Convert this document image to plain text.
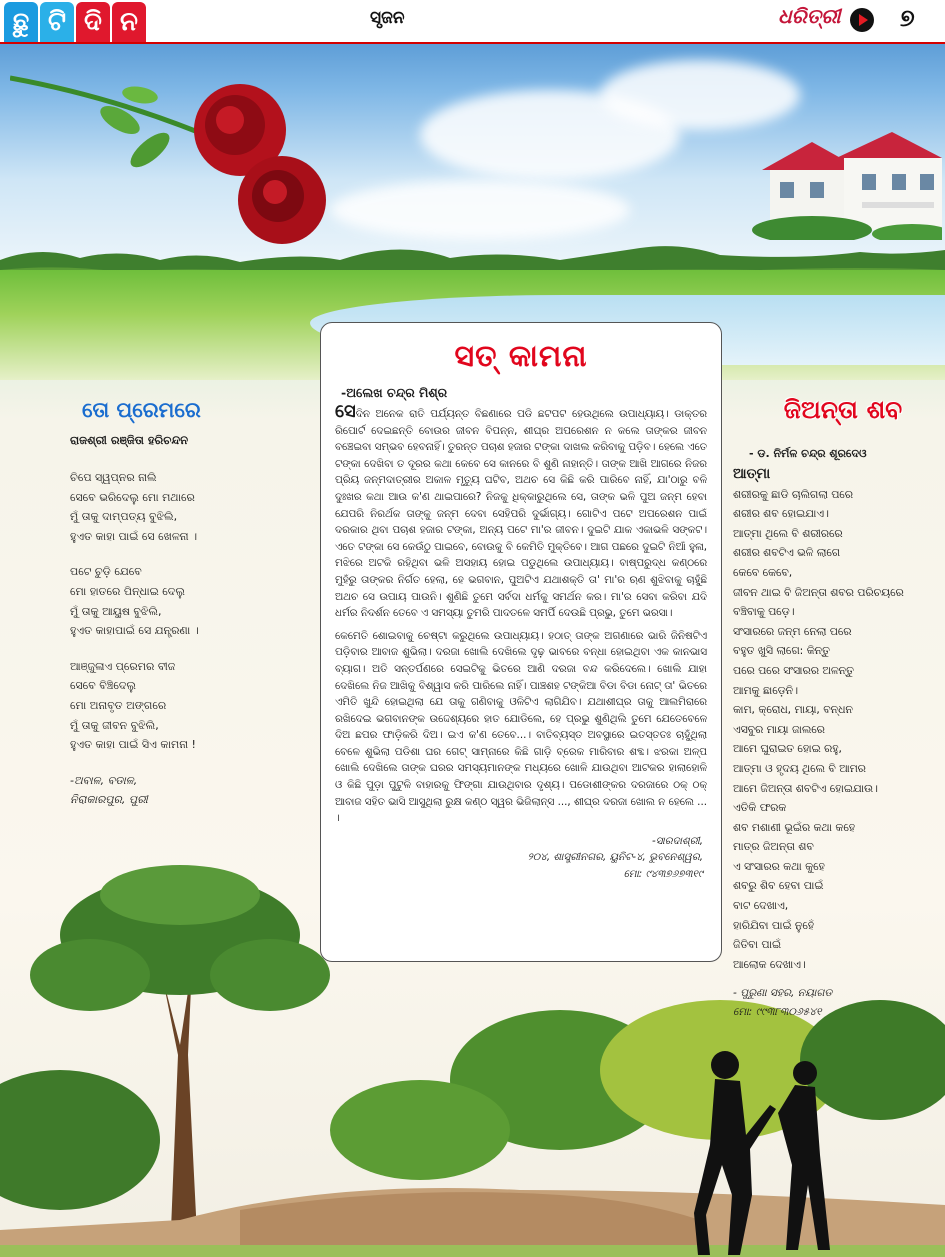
ଛୁ ଟି ଦି ନ	ସୃଜନ	ଧରିତ୍ରୀ ୭
ତୋ ପ୍ରେମରେ
ରାଜଶ୍ରୀ ରଞ୍ଜିତା ହରିଚନ୍ଦନ
ଚିପେ ସ୍ୱପ୍ନର ନାଲି
ସେବେ ଭରିଦେଲୁ ମୋ ମଥାରେ
ମୁଁ ତାକୁ ଦାମ୍ପତ୍ୟ ବୁଝିଲି,
ହୁଏତ କାହା ପାଇଁ ସେ ଖେଳନା ।
ପଟେ ଚୁଡ଼ି ଯେବେ
ମୋ ହାତରେ ପିନ୍ଧାଇ ଦେଲୁ
ମୁଁ ତାକୁ ଆୟୁଷ ବୁଝିଲି,
ହୁଏତ କାହାପାଇଁ ସେ ଯନ୍ତ୍ରଣା ।
ଆଞ୍ଜୁଳାଏ ପ୍ରେମର ବୀଜ
ସେବେ ବିଞ୍ଚିଦେଲୁ
ମୋ ଅନାବୃତ ଅଙ୍ଗରେ
ମୁଁ ତାକୁ ଜୀବନ ବୁଝିଲି,
ହୁଏତ କାହା ପାଇଁ ସିଏ କାମନା !
-ଅବାଳ, ବଡାଳ,
ନିରାକାରପୁର, ପୁରୀ
ସତ୍ କାମନା
-ଅଲେଖ ଚନ୍ଦ୍ର ମିଶ୍ର

ସେଦିନ ଅନେକ ରାତି ପର୍ଯ୍ୟନ୍ତ ବିଛଣାରେ ପଡି ଛଟପଟ ହେଉଥିଲେ ଉପାଧ୍ୟାୟ। ଡାକ୍ତର ରିପୋର୍ଟ ଦେଇଛନ୍ତି ବୋଉର ଜୀବନ ବିପନ୍ନ, ଶୀଘ୍ର ଅପରେଶନ ନ କଲେ ତାଙ୍କର ଜୀବନ ବଞ୍ଚେଇବା ସମ୍ଭବ ହେବନାହିଁ। ତୁରନ୍ତ ପଚାଶ ହଜାର ଟଙ୍କା ଦାଖଲ କରିବାକୁ ପଡ଼ିବ। ହେଲେ ଏତେ ଟଙ୍କା ଦେଖିବା ତ ଦୂରର କଥା କେବେ ସେ କାନରେ ବି ଶୁଣି ନାହାନ୍ତି। ତାଙ୍କ ଆଖି ଆଗରେ ନିଜର ପ୍ରିୟ ଜନ୍ମଦାତ୍ରୀର ଅକାଳ ମୃତ୍ୟୁ ଘଟିବ, ଅଥଚ ସେ କିଛି କରି ପାରିବେ ନାହିଁ, ଯା'ଠାରୁ ବଳି ଦୁଃଖର କଥା ଆଉ କ'ଣ ଥାଇପାରେ? ନିଜକୁ ଧିକ୍କାରୁଥିଲେ ସେ, ତାଙ୍କ ଭଳି ପୁଅ ଜନ୍ମ ହେବା ଯେପରି ନିରର୍ଥକ ତାଙ୍କୁ ଜନ୍ମ ଦେବା ସେହିପରି ଦୁର୍ଭାଗ୍ୟ। ଗୋଟିଏ ପଟେ ଅପରେଶନ ପାଇଁ ଦରକାର ଥିବା ପଚାଶ ହଜାର ଟଙ୍କା, ଅନ୍ୟ ପଟେ ମା'ର ଜୀବନ। ଦୁଇଟି ଯାକ ଏକାଭଳି ସଙ୍କଟ। ଏତେ ଟଙ୍କା ସେ କେଉଁଠୁ ପାଇବେ, ବୋଉକୁ ବି କେମିତି ମୁକ୍ତିବେ। ଆଗ ପଛରେ ଦୁଇଟି ନିଆଁ ହୁଳା, ମଝିରେ ଅଟକି ରହିଥିବା ଭଳି ଅସହାୟ ହୋଇ ପଡୁଥିଲେ ଉପାଧ୍ୟାୟ। ବାଷ୍ପରୁଦ୍ଧ କଣ୍ଠରେ ମୁହଁରୁ ତାଙ୍କର ନିର୍ଗତ ହେଲା, ହେ ଭଗବାନ, ପୁଅଟିଏ ଯଥାଶକ୍ତି ତା' ମା'ର ଋଣ ଶୁଝିବାକୁ ଚାହୁଁଛି ଅଥଚ ସେ ଉପାୟ ପାଉନି। ଶୁଣିଛି ତୁମେ ସର୍ବଦା ଧର୍ମକୁ ସମର୍ଥନ କର। ମା'ର ସେବା କରିବା ଯଦି ଧର୍ମର ନିଦର୍ଶନ ତେବେ ଏ ସମସ୍ୟା ତୁମରି ପାଦତଳେ ସମର୍ପି ଦେଉଛି ପ୍ରଭୁ, ତୁମେ ଭରସା।

କେମେତି ଶୋଇବାକୁ ଚେଷ୍ଟା କରୁଥିଲେ ଉପାଧ୍ୟାୟ। ହଠାତ୍ ତାଙ୍କ ଅଗଣାରେ ଭାରି ଜିନିଷଟିଏ ପଡ଼ିବାର ଆବାଜ ଶୁଭିଲା। ଦରଜା ଖୋଲି ଦେଖିଲେ ଦୃଢ଼ ଭାବରେ ବନ୍ଧା ହୋଇଥିବା ଏକ କାନଭାସ ବ୍ୟାଗ। ଅତି ସନ୍ତର୍ପଣରେ ସେଇଟିକୁ ଭିତରେ ଆଣି ଦରଜା ବନ୍ଦ କରିଦେଲେ। ଖୋଲି ଯାହା ଦେଖିଲେ ନିଜ ଆଖିକୁ ବିଶ୍ୱାସ କରି ପାରିଲେ ନାହିଁ। ପାଞ୍ଚଶହ ଟଙ୍କିଆ ବିଡା ବିଡା ନୋଟ୍ ତା' ଭିତରେ ଏମିତି ଖୁନ୍ଦି ହୋଇଥିଲା ଯେ ତାକୁ ଗଣିବାକୁ ଓଳିଟିଏ ଲାଗିଯିବ। ଯଥାଶୀଘ୍ର ତାକୁ ଆଲମିରାରେ ରଖିଦେଇ ଭଗବାନଙ୍କ ଉଦ୍ଦେଶ୍ୟରେ ହାତ ଯୋଡିଲେ, ହେ ପ୍ରଭୁ ଶୁଣିଥିଲି ତୁମେ ଯେତେବେଳେ ଦିଅ ଛପର ଫାଡ଼ିକରି ଦିଅ। ଇଏ କ'ଣ ତେବେ...। ବାତିବ୍ୟସ୍ତ ଅବସ୍ଥାରେ ଇତସ୍ତତଃ ଚାହୁଁଥିଲା ବେଳେ ଶୁଭିଲା ପଡିଶା ଘର ଗେଟ୍ ସାମ୍ନାରେ କିଛି ଗାଡ଼ି ବ୍ରେକ ମାରିବାର ଶବ୍ଦ। ଝରକା ଅଳ୍ପ ଖୋଲି ଦେଖିଲେ ତାଙ୍କ ଘରର ସମସ୍ୟମାନଙ୍କ ମଧ୍ୟରେ ଖୋଳି ଯାଉଥିବା ଆଟକର ହାଲାହୋଳି ଓ କିଛି ପୁଡ଼ା ପୁଟୁଳି ବାହାରକୁ ଫିଙ୍ଗା ଯାଉଥିବାର ଦୃଶ୍ୟ। ପଡୋଶୀଙ୍କର ଦରଜାରେ ଠକ୍ ଠକ୍ ଆବାଜ ସହିତ ଭାସି ଆସୁଥିଲା ରୁକ୍ଷ କଣ୍ଠ ସ୍ୱର ଭିଜିଲାନ୍ସ ..., ଶୀଘ୍ର ଦରଜା ଖୋଲ ନ ହେଲେ ... ।

-ସାରଦାଶ୍ରୀ,
୨୦୪, ଶାସ୍ତ୍ରୀନଗର, ୟୁନିଟ-୪, ଭୁବନେଶ୍ୱର,
ମୋ: ୯୪୩୭୬୭୩୧୯
ଜିଅନ୍ତା ଶବ
- ଡ. ନିର୍ମଳ ଚନ୍ଦ୍ର ଶୂରଦେଓ
ଆତ୍ମା
ଶରୀରକୁ ଛାଡି ଚାଲିଗଲା ପରେ
ଶରୀର ଶବ ହୋଇଯାଏ।
ଆତ୍ମା ଥିଲେ ବି ଶରୀରରେ
ଶରୀର ଶବଟିଏ ଭଳି ଲାଗେ
କେବେ କେବେ,
ଜୀବନ ଥାଇ ବି ଜିଅନ୍ତା ଶବର ପରିଚୟରେ
ବଞ୍ଚିବାକୁ ପଡ଼େ।
ସଂସାରରେ ଜନ୍ମ ନେଲା ପରେ
ବହୁତ ଖୁସି ଲାଗେ: କିନ୍ତୁ
ପରେ ପରେ ସଂସାରର ଅଳନ୍ତୁ
ଆମକୁ ଛାଡ଼େନି।
କାମ, କ୍ରୋଧ, ମାୟା, ବନ୍ଧନ
ଏସବୁର ମାୟା ଜାଲରେ
ଆମେ ଘୁରାଇତ ହୋଇ ରହୁ,
ଆତ୍ମା ଓ ହୃଦୟ ଥିଲେ ବି ଆମର
ଆମେ ଜିଅନ୍ତା ଶବଟିଏ ହୋଇଯାଉ।
ଏତିକି ଫରକ
ଶବ ମଶାଣୀ ଭୂଇଁର କଥା କହେ
ମାତ୍ର ଜିଅନ୍ତା ଶବ
ଏ ସଂସାରର କଥା କୁହେ
ଶବରୁ ଶିବ ହେବା ପାଇଁ
ବାଟ ଦେଖାଏ,
ହାରିଯିବା ପାଇଁ ନୁହେଁ
ଜିତିବା ପାଇଁ
ଆଲୋକ ଦେଖାଏ।
- ପୁରୁଣା ସହର, ନୟାଗଡ
ମୋ: ୯୯୩୮୩୦୬୫୪୧
